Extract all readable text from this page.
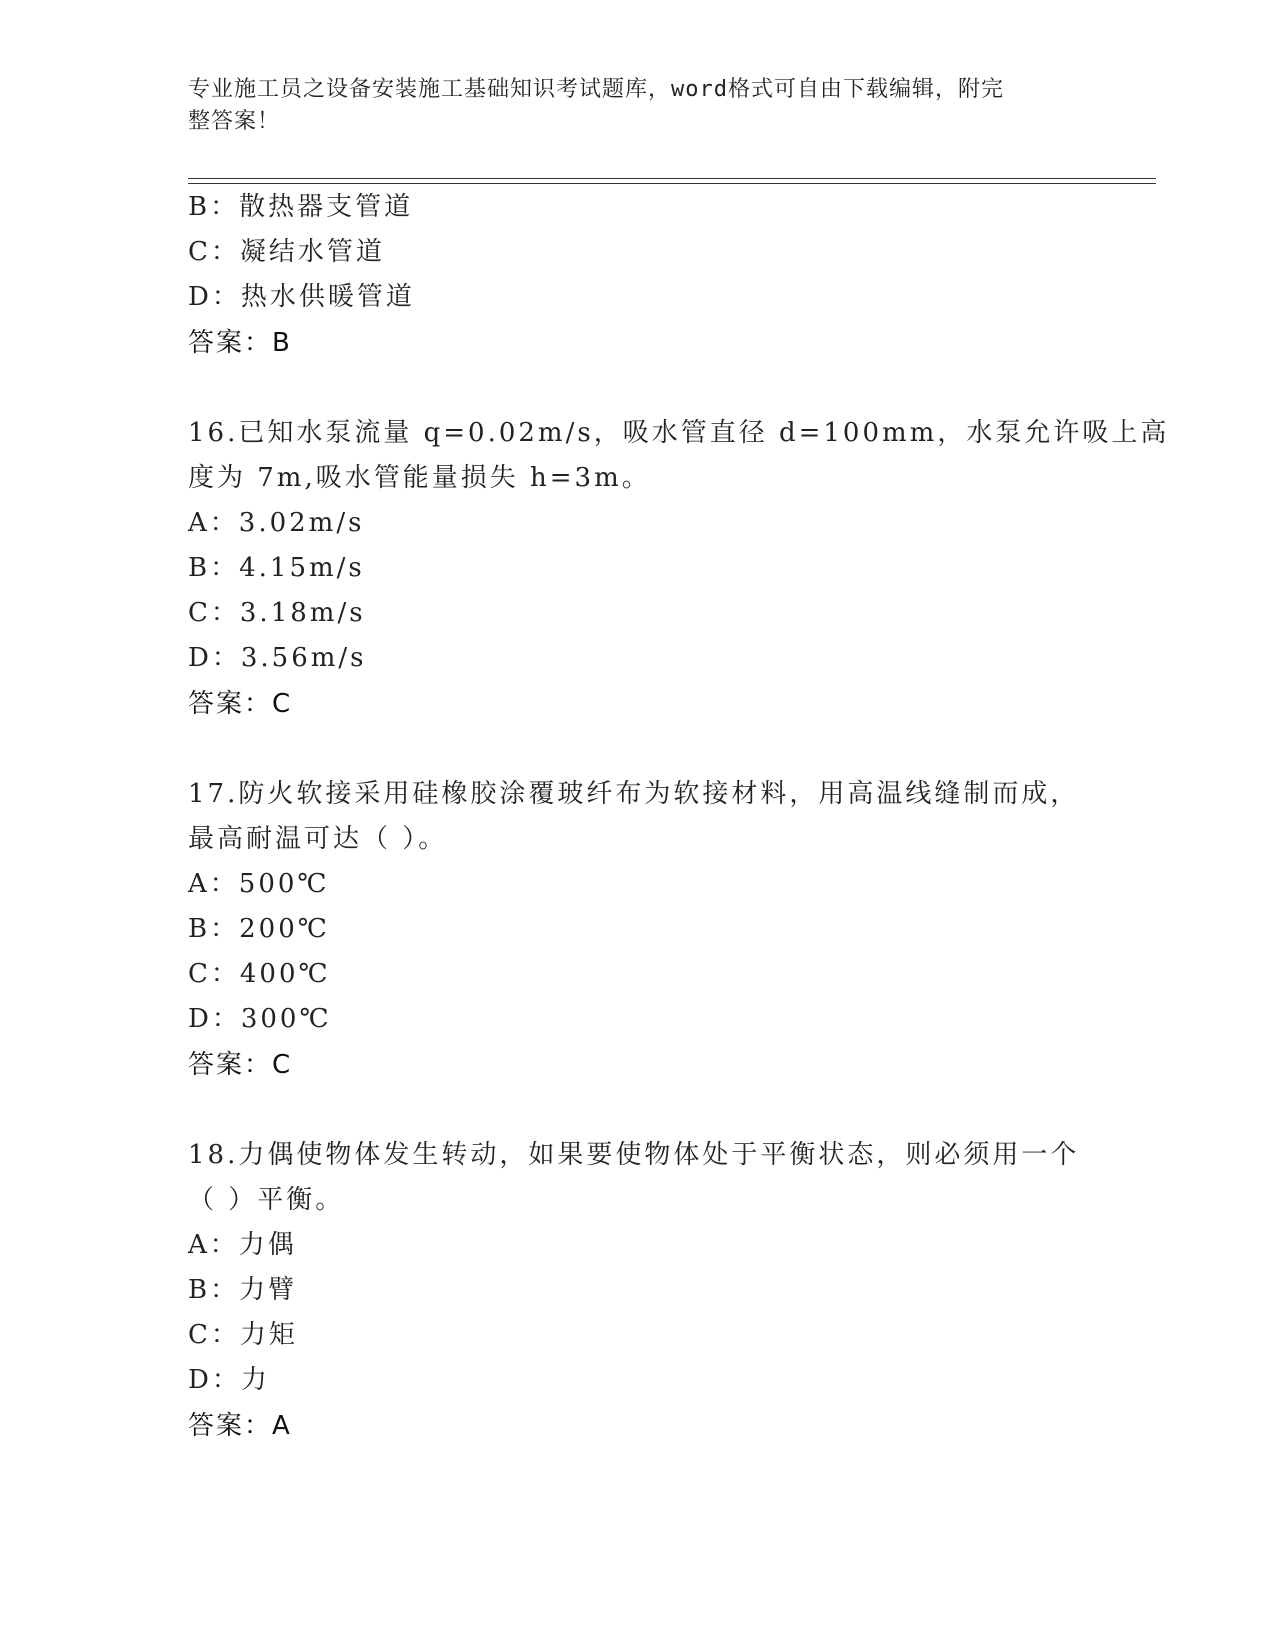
专业施工员之设备安装施工基础知识考试题库，word格式可自由下载编辑，附完
整答案！
B：散热器支管道
C：凝结水管道
D：热水供暖管道
答案：B
16.已知水泵流量 q=0.02m/s，吸水管直径 d=100mm，水泵允许吸上高
度为 7m,吸水管能量损失 h=3m。
A：3.02m/s
B：4.15m/s
C：3.18m/s
D：3.56m/s
答案：C
17.防火软接采用硅橡胶涂覆玻纤布为软接材料，用高温线缝制而成，
最高耐温可达（ ）。
A：500℃
B：200℃
C：400℃
D：300℃
答案：C
18.力偶使物体发生转动，如果要使物体处于平衡状态，则必须用一个
（ ）平衡。
A：力偶
B：力臂
C：力矩
D：力
答案：A
